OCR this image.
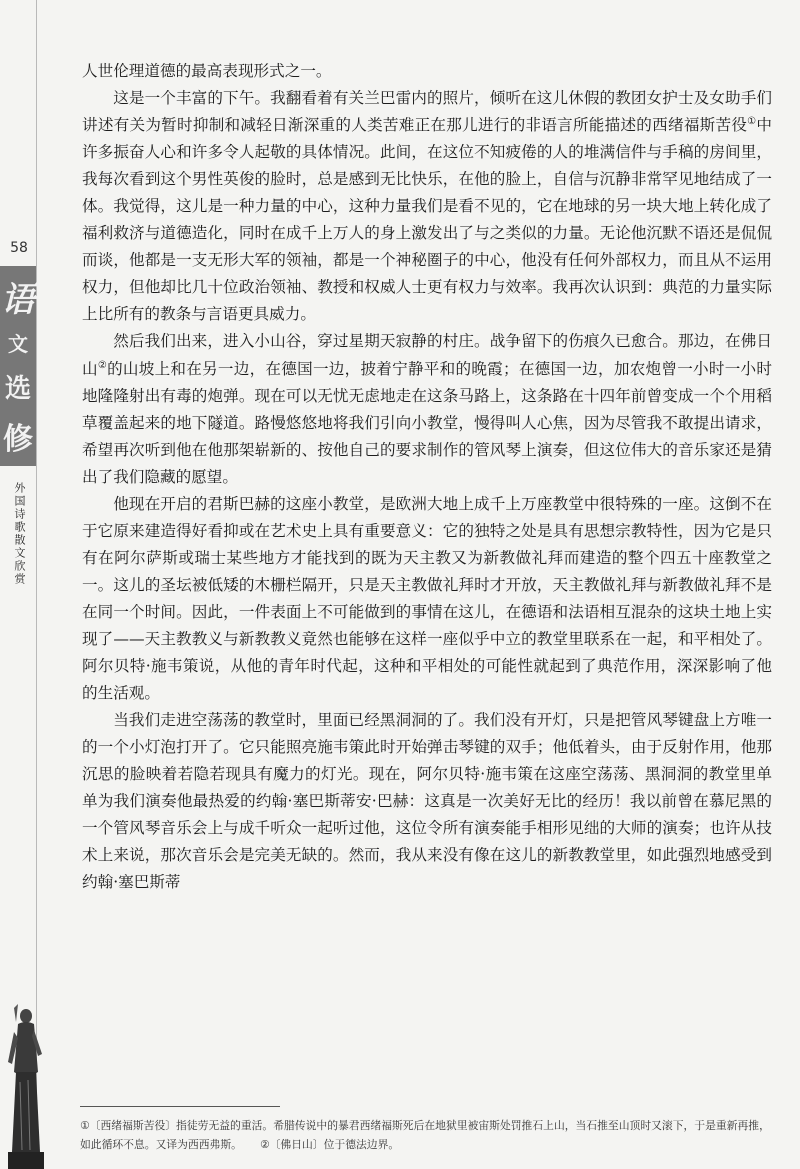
58
语
文
选
修
外国诗歌散文欣赏

人世伦理道德的最高表现形式之一。

这是一个丰富的下午。我翻看着有关兰巴雷内的照片，倾听在这儿休假的教团女护士及女助手们讲述有关为暂时抑制和减轻日渐深重的人类苦难正在那儿进行的非语言所能描述的西绪福斯苦役①中许多振奋人心和许多令人起敬的具体情况。此间，在这位不知疲倦的人的堆满信件与手稿的房间里，我每次看到这个男性英俊的脸时，总是感到无比快乐，在他的脸上，自信与沉静非常罕见地结成了一体。我觉得，这儿是一种力量的中心，这种力量我们是看不见的，它在地球的另一块大地上转化成了福利救济与道德造化，同时在成千上万人的身上激发出了与之类似的力量。无论他沉默不语还是侃侃而谈，他都是一支无形大军的领袖，都是一个神秘圈子的中心，他没有任何外部权力，而且从不运用权力，但他却比几十位政治领袖、教授和权威人士更有权力与效率。我再次认识到：典范的力量实际上比所有的教条与言语更具威力。

然后我们出来，进入小山谷，穿过星期天寂静的村庄。战争留下的伤痕久已愈合。那边，在佛日山②的山坡上和在另一边，在德国一边，披着宁静平和的晚霞；在德国一边，加农炮曾一小时一小时地隆隆射出有毒的炮弹。现在可以无忧无虑地走在这条马路上，这条路在十四年前曾变成一个个用稻草覆盖起来的地下隧道。路慢悠悠地将我们引向小教堂，慢得叫人心焦，因为尽管我不敢提出请求，希望再次听到他在他那架崭新的、按他自己的要求制作的管风琴上演奏，但这位伟大的音乐家还是猜出了我们隐藏的愿望。

他现在开启的君斯巴赫的这座小教堂，是欧洲大地上成千上万座教堂中很特殊的一座。这倒不在于它原来建造得好看抑或在艺术史上具有重要意义：它的独特之处是具有思想宗教特性，因为它是只有在阿尔萨斯或瑞士某些地方才能找到的既为天主教又为新教做礼拜而建造的整个四五十座教堂之一。这儿的圣坛被低矮的木栅栏隔开，只是天主教做礼拜时才开放，天主教做礼拜与新教做礼拜不是在同一个时间。因此，一件表面上不可能做到的事情在这儿，在德语和法语相互混杂的这块土地上实现了——天主教教义与新教教义竟然也能够在这样一座似乎中立的教堂里联系在一起，和平相处了。阿尔贝特·施韦策说，从他的青年时代起，这种和平相处的可能性就起到了典范作用，深深影响了他的生活观。

当我们走进空荡荡的教堂时，里面已经黑洞洞的了。我们没有开灯，只是把管风琴键盘上方唯一的一个小灯泡打开了。它只能照亮施韦策此时开始弹击琴键的双手；他低着头，由于反射作用，他那沉思的脸映着若隐若现具有魔力的灯光。现在，阿尔贝特·施韦策在这座空荡荡、黑洞洞的教堂里单单为我们演奏他最热爱的约翰·塞巴斯蒂安·巴赫：这真是一次美好无比的经历！我以前曾在慕尼黑的一个管风琴音乐会上与成千听众一起听过他，这位令所有演奏能手相形见绌的大师的演奏；也许从技术上来说，那次音乐会是完美无缺的。然而，我从来没有像在这儿的新教教堂里，如此强烈地感受到约翰·塞巴斯蒂

①〔西绪福斯苦役〕指徒劳无益的重活。希腊传说中的暴君西绪福斯死后在地狱里被宙斯处罚推石上山，当石推至山顶时又滚下，于是重新再推，如此循环不息。又译为西西弗斯。 ②〔佛日山〕位于德法边界。
